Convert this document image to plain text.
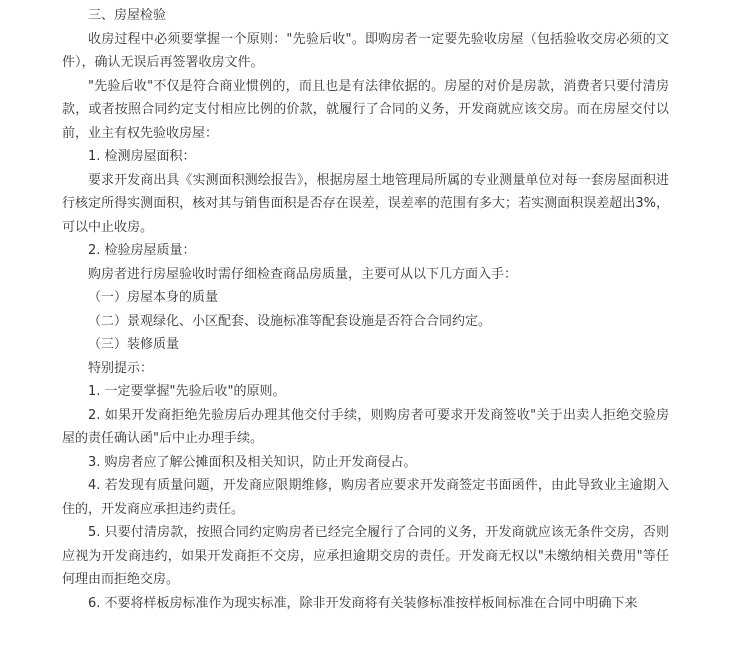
三、房屋检验

收房过程中必须要掌握一个原则："先验后收"。即购房者一定要先验收房屋（包括验收交房必须的文件），确认无误后再签署收房文件。

"先验后收"不仅是符合商业惯例的，而且也是有法律依据的。房屋的对价是房款，消费者只要付清房款，或者按照合同约定支付相应比例的价款，就履行了合同的义务，开发商就应该交房。而在房屋交付以前，业主有权先验收房屋：

1. 检测房屋面积：

要求开发商出具《实测面积测绘报告》，根据房屋土地管理局所属的专业测量单位对每一套房屋面积进行核定所得实测面积，核对其与销售面积是否存在误差，误差率的范围有多大；若实测面积误差超出3%，可以中止收房。

2. 检验房屋质量：

购房者进行房屋验收时需仔细检查商品房质量，主要可从以下几方面入手：

（一）房屋本身的质量

（二）景观绿化、小区配套、设施标准等配套设施是否符合合同约定。

（三）装修质量

特别提示：

1. 一定要掌握"先验后收"的原则。

2. 如果开发商拒绝先验房后办理其他交付手续，则购房者可要求开发商签收"关于出卖人拒绝交验房屋的责任确认函"后中止办理手续。

3. 购房者应了解公摊面积及相关知识，防止开发商侵占。

4. 若发现有质量问题，开发商应限期维修，购房者应要求开发商签定书面函件，由此导致业主逾期入住的，开发商应承担违约责任。

5. 只要付清房款，按照合同约定购房者已经完全履行了合同的义务，开发商就应该无条件交房，否则应视为开发商违约，如果开发商拒不交房，应承担逾期交房的责任。开发商无权以"未缴纳相关费用"等任何理由而拒绝交房。

6. 不要将样板房标准作为现实标准，除非开发商将有关装修标准按样板间标准在合同中明确下来
